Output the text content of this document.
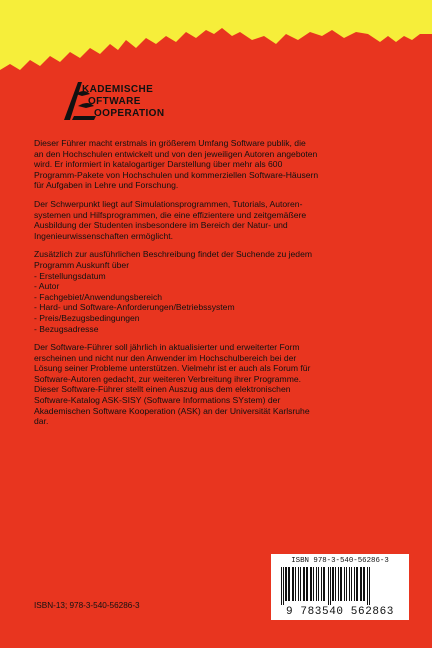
KADEMISCHE
OFTWARE
OOPERATION
Dieser Führer macht erstmals in größerem Umfang Software publik, die
an den Hochschulen entwickelt und von den jeweiligen Autoren angeboten
wird. Er informiert in katalogartiger Darstellung über mehr als 600
Programm-Pakete von Hochschulen und kommerziellen Software-Häusern
für Aufgaben in Lehre und Forschung.
Der Schwerpunkt liegt auf Simulationsprogrammen, Tutorials, Autoren-
systemen und Hilfsprogrammen, die eine effizientere und zeitgemäßere
Ausbildung der Studenten insbesondere im Bereich der Natur- und
Ingenieurwissenschaften ermöglicht.
Zusätzlich zur ausführlichen Beschreibung findet der Suchende zu jedem
Programm Auskunft über
- Erstellungsdatum
- Autor
- Fachgebiet/Anwendungsbereich
- Hard- und Software-Anforderungen/Betriebssystem
- Preis/Bezugsbedingungen
- Bezugsadresse
Der Software-Führer soll jährlich in aktualisierter und erweiterter Form
erscheinen und nicht nur den Anwender im Hochschulbereich bei der
Lösung seiner Probleme unterstützen. Vielmehr ist er auch als Forum für
Software-Autoren gedacht, zur weiteren Verbreitung ihrer Programme.
Dieser Software-Führer stellt einen Auszug aus dem elektronischen
Software-Katalog ASK-SISY (Software Informations SYstem) der
Akademischen Software Kooperation (ASK) an der Universität Karlsruhe
dar.
ISBN-13; 978-3-540-56286-3
ISBN 978-3-540-56286-3
9 783540 562863
